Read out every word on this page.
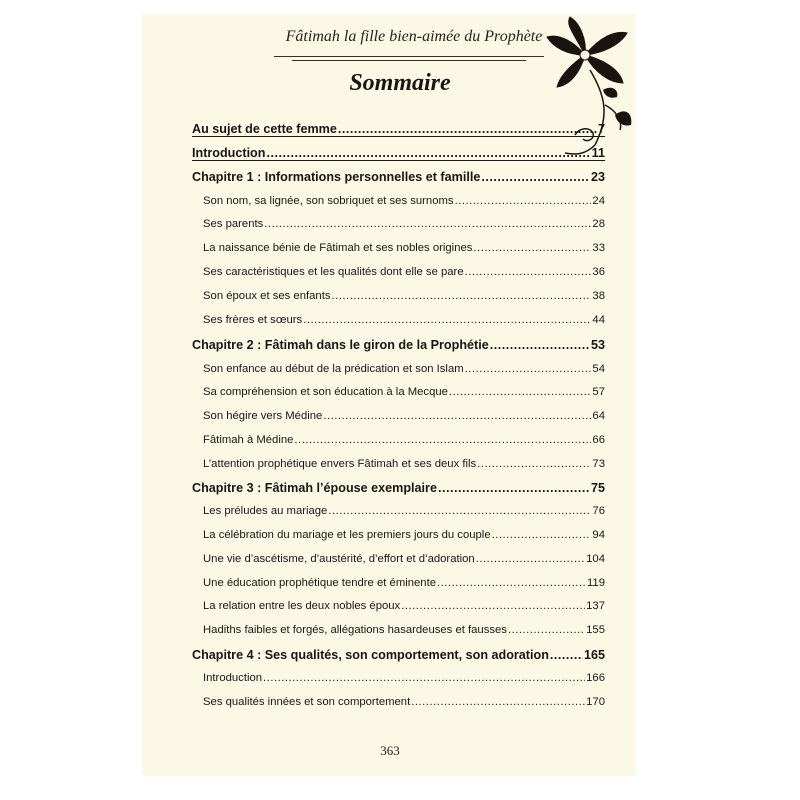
Fâtimah la fille bien-aimée du Prophète
Sommaire
Au sujet de cette femme .....	7
Introduction .....	11
Chapitre 1 : Informations personnelles et famille .....	23
Son nom, sa lignée, son sobriquet et ses surnoms .....	24
Ses parents .....	28
La naissance bénie de Fâtimah et ses nobles origines .....	33
Ses caractéristiques et les qualités dont elle se pare .....	36
Son époux et ses enfants .....	38
Ses frères et sœurs .....	44
Chapitre 2 : Fâtimah dans le giron de la Prophétie .....	53
Son enfance au début de la prédication et son Islam .....	54
Sa compréhension et son éducation à la Mecque .....	57
Son hégire vers Médine .....	64
Fâtimah à Médine .....	66
L’attention prophétique envers Fâtimah et ses deux fils .....	73
Chapitre 3 : Fâtimah l’épouse exemplaire .....	75
Les préludes au mariage .....	76
La célébration du mariage et les premiers jours du couple .....	94
Une vie d’ascétisme, d’austérité, d’effort et d’adoration .....	104
Une éducation prophétique tendre et éminente .....	119
La relation entre les deux nobles époux .....	137
Hadiths faibles et forgés, allégations hasardeuses et fausses .....	155
Chapitre 4 : Ses qualités, son comportement, son adoration .....	165
Introduction .....	166
Ses qualités innées et son comportement .....	170
363
